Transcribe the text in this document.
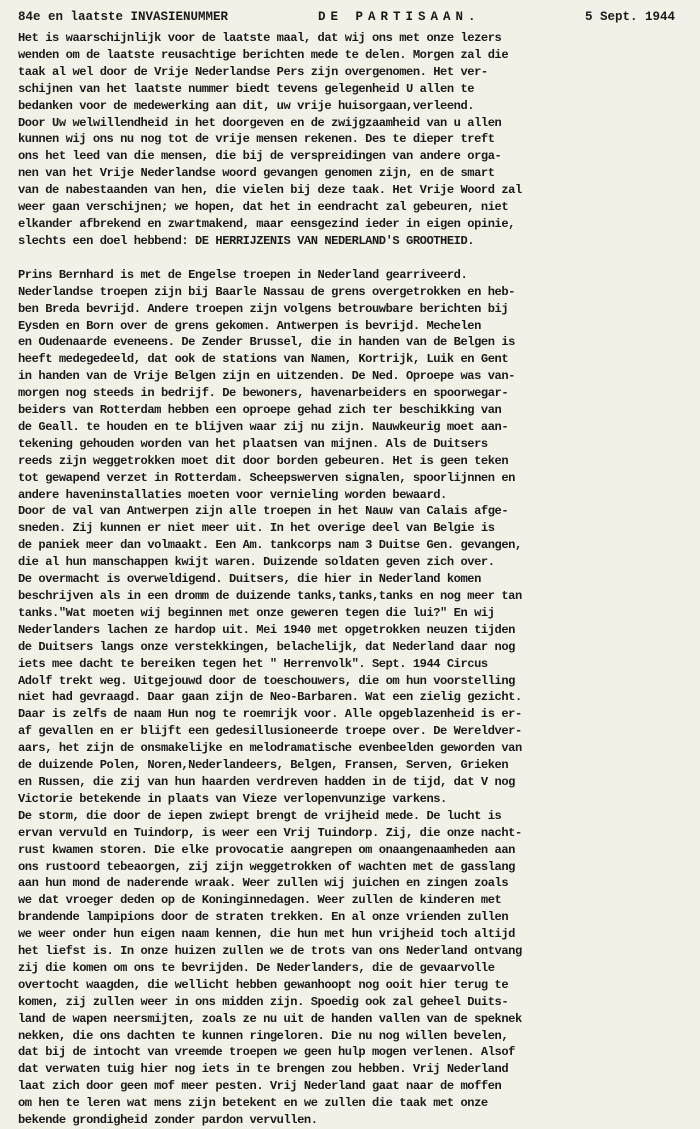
84e en laatste INVASIENUMMER	DE PARTISAAN.	5 Sept. 1944
Het is waarschijnlijk voor de laatste maal, dat wij ons met onze lezers
wenden om de laatste reusachtige berichten mede te delen. Morgen zal die
taak al wel door de Vrije Nederlandse Pers zijn overgenomen. Het ver-
schijnen van het laatste nummer biedt tevens gelegenheid U allen te
bedanken voor de medewerking aan dit, uw vrije huisorgaan,verleend.
Door Uw welwillendheid in het doorgeven en de zwijgzaamheid van u allen
kunnen wij ons nu nog tot de vrije mensen rekenen. Des te dieper treft
ons het leed van die mensen, die bij de verspreidingen van andere orga-
nen van het Vrije Nederlandse woord gevangen genomen zijn, en de smart
van de nabestaanden van hen, die vielen bij deze taak. Het Vrije Woord zal
weer gaan verschijnen; we hopen, dat het in eendracht zal gebeuren, niet
elkander afbrekend en zwartmakend, maar eensgezind ieder in eigen opinie,
slechts een doel hebbend: DE HERRIJZENIS VAN NEDERLAND'S GROOTHEID.
Prins Bernhard is met de Engelse troepen in Nederland gearriveerd.
Nederlandse troepen zijn bij Baarle Nassau de grens overgetrokken en heb-
ben Breda bevrijd. Andere troepen zijn volgens betrouwbare berichten bij
Eysden en Born over de grens gekomen. Antwerpen is bevrijd. Mechelen
en Oudenaarde eveneens. De Zender Brussel, die in handen van de Belgen is
heeft medegedeeld, dat ook de stations van Namen, Kortrijk, Luik en Gent
in handen van de Vrije Belgen zijn en uitzenden. De Ned. Oproepe was van-
morgen nog steeds in bedrijf. De bewoners, havenarbeiders en spoorwegar-
beiders van Rotterdam hebben een oproepe gehad zich ter beschikking van
de Geall. te houden en te blijven waar zij nu zijn. Nauwkeurig moet aan-
tekening gehouden worden van het plaatsen van mijnen. Als de Duitsers
reeds zijn weggetrokken moet dit door borden gebeuren. Het is geen teken
tot gewapend verzet in Rotterdam. Scheepswerven signalen, spoorlijnnen en
andere haveninstallaties moeten voor vernieling worden bewaard.
Door de val van Antwerpen zijn alle troepen in het Nauw van Calais afge-
sneden. Zij kunnen er niet meer uit. In het overige deel van Belgie is
de paniek meer dan volmaakt. Een Am. tankcorps nam 3 Duitse Gen. gevangen,
die al hun manschappen kwijt waren. Duizende soldaten geven zich over.
De overmacht is overweldigend. Duitsers, die hier in Nederland komen
beschrijven als in een dromm de duizende tanks,tanks,tanks en nog meer tan
tanks."Wat moeten wij beginnen met onze geweren tegen die lui?" En wij
Nederlanders lachen ze hardop uit. Mei 1940 met opgetrokken neuzen tijden
de Duitsers langs onze verstekkingen, belachelijk, dat Nederland daar nog
iets mee dacht te bereiken tegen het " Herrenvolk". Sept. 1944 Circus
Adolf trekt weg. Uitgejouwd door de toeschouwers, die om hun voorstelling
niet had gevraagd. Daar gaan zijn de Neo-Barbaren. Wat een zielig gezicht.
Daar is zelfs de naam Hun nog te roemrijk voor. Alle opgeblazenheid is er-
af gevallen en er blijft een gedesillusioneerde troepe over. De Wereldver-
aars, het zijn de onsmakelijke en melodramatische evenbeelden geworden van
de duizende Polen, Noren,Nederlandeers, Belgen, Fransen, Serven, Grieken
en Russen, die zij van hun haarden verdreven hadden in de tijd, dat V nog
Victorie betekende in plaats van Vieze verlopenvunzige varkens.
De storm, die door de iepen zwiept brengt de vrijheid mede. De lucht is
ervan vervuld en Tuindorp, is weer een Vrij Tuindorp. Zij, die onze nacht-
rust kwamen storen. Die elke provocatie aangrepen om onaangenaamheden aan
ons rustoord tebeaorgen, zij zijn weggetrokken of wachten met de gasslang
aan hun mond de naderende wraak. Weer zullen wij juichen en zingen zoals
we dat vroeger deden op de Koninginnedagen. Weer zullen de kinderen met
brandende lampipions door de straten trekken. En al onze vrienden zullen
we weer onder hun eigen naam kennen, die hun met hun vrijheid toch altijd
het liefst is. In onze huizen zullen we de trots van ons Nederland ontvang
zij die komen om ons te bevrijden. De Nederlanders, die de gevaarvolle
overtocht waagden, die wellicht hebben gewanhoopt nog ooit hier terug te
komen, zij zullen weer in ons midden zijn. Spoedig ook zal geheel Duits-
land de wapen neersmijten, zoals ze nu uit de handen vallen van de speknek
nekken, die ons dachten te kunnen ringeloren. Die nu nog willen bevelen,
dat bij de intocht van vreemde troepen we geen hulp mogen verlenen. Alsof
dat verwaten tuig hier nog iets in te brengen zou hebben. Vrij Nederland
laat zich door geen mof meer pesten. Vrij Nederland gaat naar de moffen
om hen te leren wat mens zijn betekent en we zullen die taak met onze
bekende grondigheid zonder pardon vervullen.
